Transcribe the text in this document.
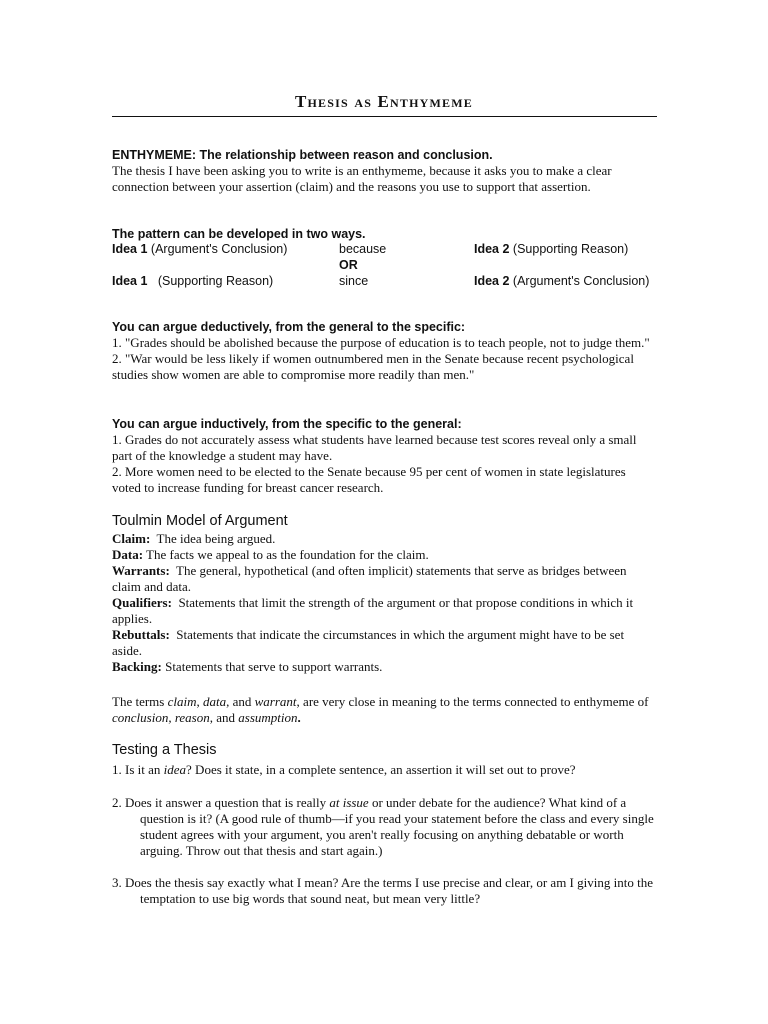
Thesis as Enthymeme
ENTHYMEME: The relationship between reason and conclusion.
The thesis I have been asking you to write is an enthymeme, because it asks you to make a clear connection between your assertion (claim) and the reasons you use to support that assertion.
The pattern can be developed in two ways.
Idea 1 (Argument's Conclusion)	because	Idea 2 (Supporting Reason)
OR
Idea 1   (Supporting Reason)	since	Idea 2 (Argument's Conclusion)
You can argue deductively, from the general to the specific:
1. "Grades should be abolished because the purpose of education is to teach people, not to judge them."
2. "War would be less likely if women outnumbered men in the Senate because recent psychological studies show women are able to compromise more readily than men."
You can argue inductively, from the specific to the general:
1. Grades do not accurately assess what students have learned because test scores reveal only a small part of the knowledge a student may have.
2. More women need to be elected to the Senate because 95 per cent of women in state legislatures voted to increase funding for breast cancer research.
Toulmin Model of Argument
Claim:  The idea being argued.
Data: The facts we appeal to as the foundation for the claim.
Warrants:  The general, hypothetical (and often implicit) statements that serve as bridges between claim and data.
Qualifiers:  Statements that limit the strength of the argument or that propose conditions in which it applies.
Rebuttals:  Statements that indicate the circumstances in which the argument might have to be set aside.
Backing: Statements that serve to support warrants.
The terms claim, data, and warrant, are very close in meaning to the terms connected to enthymeme of conclusion, reason, and assumption.
Testing a Thesis
1. Is it an idea? Does it state, in a complete sentence, an assertion it will set out to prove?
2. Does it answer a question that is really at issue or under debate for the audience? What kind of a question is it? (A good rule of thumb—if you read your statement before the class and every single student agrees with your argument, you aren't really focusing on anything debatable or worth arguing. Throw out that thesis and start again.)
3. Does the thesis say exactly what I mean? Are the terms I use precise and clear, or am I giving into the temptation to use big words that sound neat, but mean very little?
